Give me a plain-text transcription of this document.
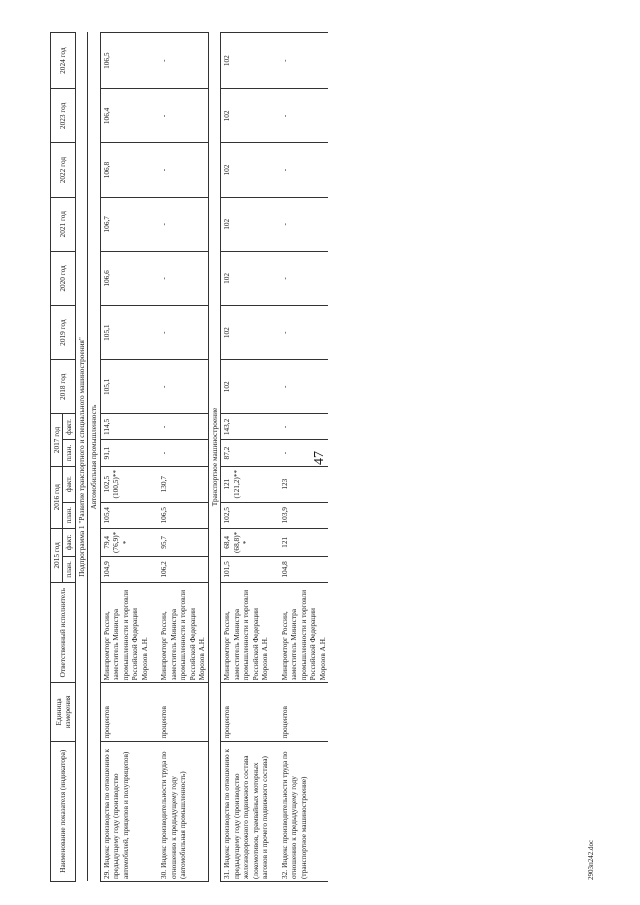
47
Наименование показателя (индикатора)	Единица измерения	Ответственный исполнитель	2015 год		2016 год		2017 год		2018 год	2019 год	2020 год	2021 год	2022 год	2023 год	2024 год
			план.	факт.	план.	факт.	план.	факт.							
Подпрограмма 1 "Развитие транспортного и специального машиностроения"															
Автомобильная промышленность															
29. Индекс производства по отношению к предыдущему году (производство автомобилей, прицепов и полуприцепов)	процентов	Минпромторг России, заместитель Министра промышленности и торговли Российской Федерации Морозов А.Н.	104,9	79,4 (76,9)**	105,4	102,5 (100,5)**	91,1	114,5	105,1	105,1	106,6	106,7	106,8	106,4	106,5

30. Индекс производительности труда по отношению к предыдущему году (автомобильная промышленность)	процентов	Минпромторг России, заместитель Министра промышленности и торговли Российской Федерации Морозов А.Н.	106,2	95,7	106,5	130,7	-	-	-	-	-	-	-	-	-
Транспортное машиностроение															
31. Индекс производства по отношению к предыдущему году (производство железнодорожного подвижного состава (локомотивов, трамвайных моторных вагонов и прочего подвижного состава)	процентов	Минпромторг России, заместитель Министра промышленности и торговли Российской Федерации Морозов А.Н.	101,5	68,4 (68,8)**	102,5	121 (121,2)**	87,2	143,2	102	102	102	102	102	102	102

32. Индекс производительности труда по отношению к предыдущему году (транспортное машиностроение)	процентов	Минпромторг России, заместитель Министра промышленности и торговли Российской Федерации Морозов А.Н.	104,8	121	103,9	123	-	-	-	-	-	-	-	-	-
2903п242.doc
